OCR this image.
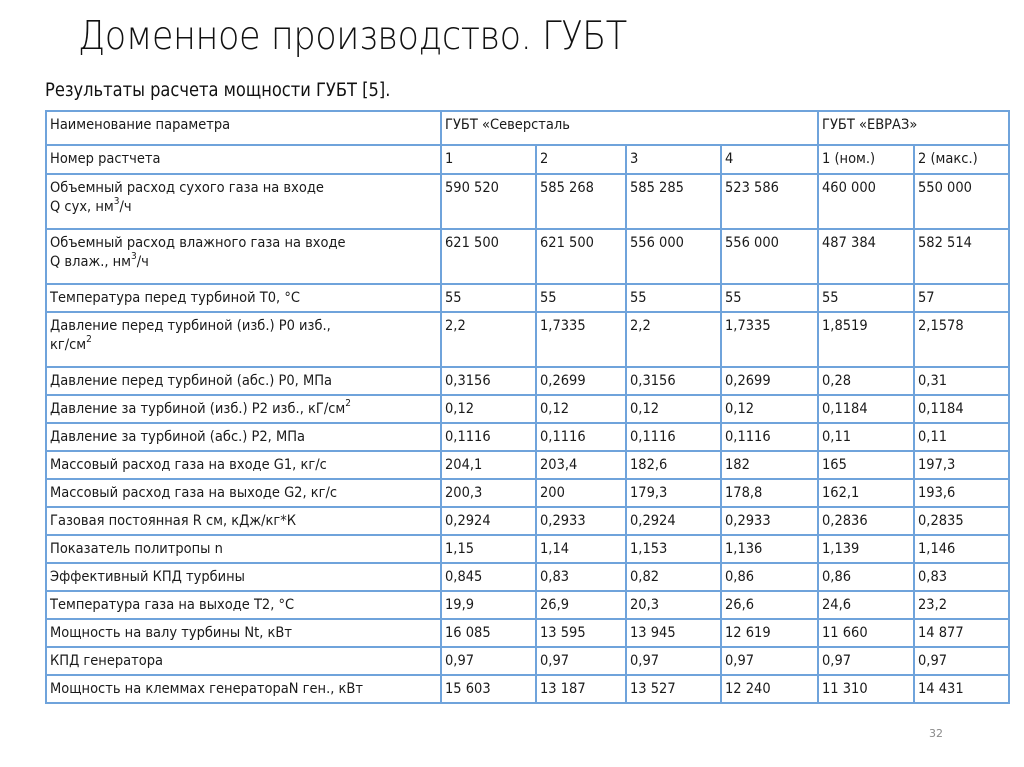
Доменное производство. ГУБТ
Результаты расчета мощности ГУБТ [5].
Наименование параметра	ГУБТ «Северсталь				ГУБТ «ЕВРАЗ»	
Номер растчета	1	2	3	4	1 (ном.)	2 (макс.)
Объемный расход сухого газа на входе
Q сух, $нм^3/ч$	590 520	585 268	585 285	523 586	460 000	550 000
Объемный расход влажного газа на входе
Q влаж., $нм^3/ч$	621 500	621 500	556 000	556 000	487 384	582 514
Температура перед турбиной Т0, °С	55	55	55	55	55	57
Давление перед турбиной (изб.) Р0 изб.,
$кг/см^2$	2,2	1,7335	2,2	1,7335	1,8519	2,1578
Давление перед турбиной (абс.) Р0, МПа	0,3156	0,2699	0,3156	0,2699	0,28	0,31
Давление за турбиной (изб.) Р2 изб., $кГ/см^2$	0,12	0,12	0,12	0,12	0,1184	0,1184
Давление за турбиной (абс.) Р2, МПа	0,1116	0,1116	0,1116	0,1116	0,11	0,11
Массовый расход газа на входе G1, кг/с	204,1	203,4	182,6	182	165	197,3
Массовый расход газа на выходе G2, кг/с	200,3	200	179,3	178,8	162,1	193,6
Газовая постоянная R см, кДж/кг*К	0,2924	0,2933	0,2924	0,2933	0,2836	0,2835
Показатель политропы n	1,15	1,14	1,153	1,136	1,139	1,146
Эффективный КПД турбины	0,845	0,83	0,82	0,86	0,86	0,83
Температура газа на выходе Т2, °С	19,9	26,9	20,3	26,6	24,6	23,2
Мощность на валу турбины Nt, кВт	16 085	13 595	13 945	12 619	11 660	14 877
КПД генератора	0,97	0,97	0,97	0,97	0,97	0,97
Мощность на клеммах генератораN ген., кВт	15 603	13 187	13 527	12 240	11 310	14 431
32
